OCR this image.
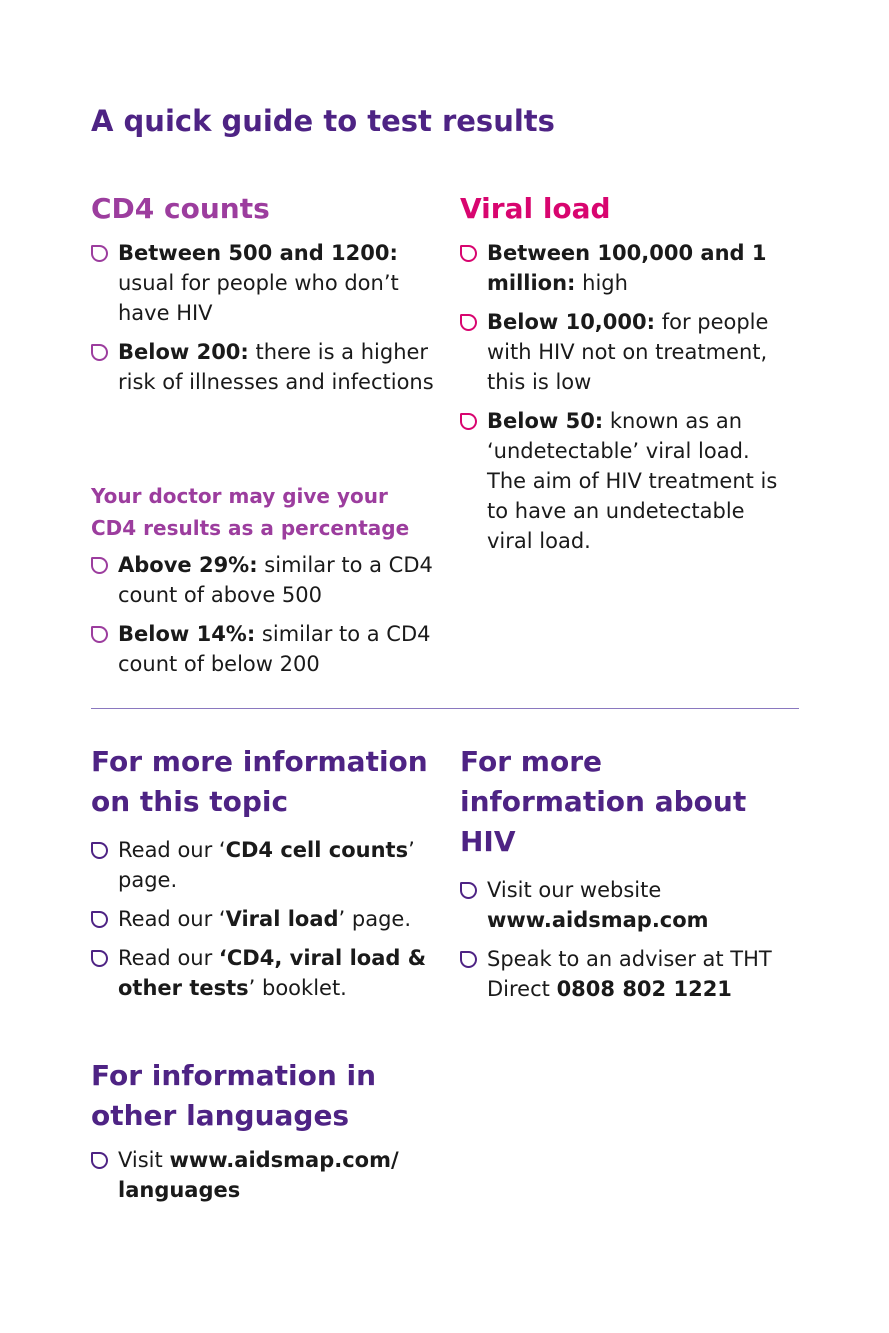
A quick guide to test results
CD4 counts
Between 500 and 1200: usual for people who don’t have HIV
Below 200: there is a higher risk of illnesses and infections
Your doctor may give your CD4 results as a percentage
Above 29%: similar to a CD4 count of above 500
Below 14%: similar to a CD4 count of below 200
Viral load
Between 100,000 and 1 million: high
Below 10,000: for people with HIV not on treatment, this is low
Below 50: known as an ‘undetectable’ viral load. The aim of HIV treatment is to have an undetectable viral load.
For more information on this topic
Read our ‘CD4 cell counts’ page.
Read our ‘Viral load’ page.
Read our ‘CD4, viral load & other tests’ booklet.
For more information about HIV
Visit our website www.aidsmap.com
Speak to an adviser at THT Direct 0808 802 1221
For information in other languages
Visit www.aidsmap.com/ languages
